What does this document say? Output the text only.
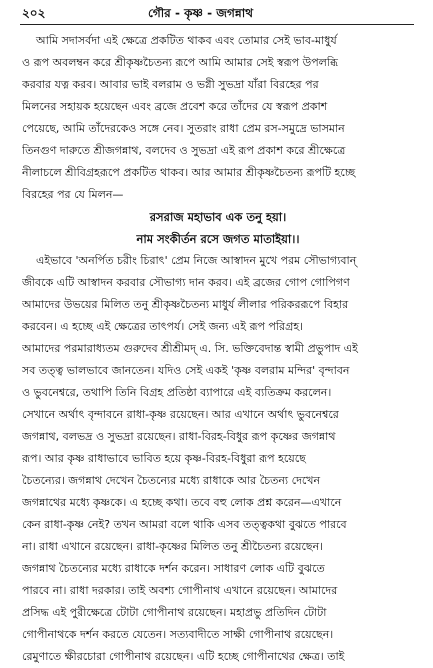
২০২	গৌর - কৃষ্ণ - জগন্নাথ
আমি সদাসর্বদা এই ক্ষেত্রে প্রকটিত থাকব এবং তোমার সেই ভাব-মাধুর্য
ও রূপ অবলম্বন করে শ্রীকৃষ্ণচৈতন্য রূপে আমি আমার সেই স্বরূপ উপলব্ধি
করবার যত্ন করব। আবার ভাই বলরাম ও ভগ্নী সুভদ্রা যাঁরা বিরহের পর
মিলনের সহায়ক হয়েছেন এবং ব্রজে প্রবেশ করে তাঁদের যে স্বরূপ প্রকাশ
পেয়েছে, আমি তাঁদেরকেও সঙ্গে নেব। সুতরাং রাধা প্রেম রস-সমুদ্রে ভাসমান
তিনগুণ দারুতে শ্রীজগন্নাথ, বলদেব ও সুভদ্রা এই রূপ প্রকাশ করে শ্রীক্ষেত্রে
নীলাচলে শ্রীবিগ্রহরূপে প্রকটিত থাকব। আর আমার শ্রীকৃষ্ণচৈতন্য রূপটি হচ্ছে
বিরহের পর যে মিলন—
রসরাজ মহাভাব এক তনু হয়া।
নাম সংকীর্তন রসে জগত মাতাইয়া।।
এইভাবে 'অনর্পিত চরীং চিরাৎ' প্রেম নিজে আস্বাদন মুখে পরম সৌভাগ্যবান্
জীবকে এটি আস্বাদন করবার সৌভাগ্য দান করব। এই ব্রজের গোপ গোপিগণ
আমাদের উভয়ের মিলিত তনু শ্রীকৃষ্ণচৈতন্য মাধুর্য লীলার পরিকররূপে বিহার
করবেন। এ হচ্ছে এই ক্ষেত্রের তাৎপর্য। সেই জন্য এই রূপ পরিগ্রহ।
আমাদের পরমারাধ্যতম গুরুদেব শ্রীশ্রীমদ্ এ. সি. ভক্তিবেদান্ত স্বামী প্রভুপাদ এই
সব তত্ত্ব ভালভাবে জানতেন। যদিও সেই একই 'কৃষ্ণ বলরাম মন্দির' বৃন্দাবন
ও ভুবনেশ্বরে, তথাপি তিনি বিগ্রহ প্রতিষ্ঠা ব্যাপারে এই ব্যতিক্রম করলেন।
সেখানে অর্থাৎ বৃন্দাবনে রাধা-কৃষ্ণ রয়েছেন। আর এখানে অর্থাৎ ভুবনেশ্বরে
জগন্নাথ, বলভদ্র ও সুভদ্রা রয়েছেন। রাধা-বিরহ-বিধুর রূপ কৃষ্ণের জগন্নাথ
রূপ। আর কৃষ্ণ রাধাভাবে ভাবিত হয়ে কৃষ্ণ-বিরহ-বিধুরা রূপ হয়েছে
চৈতন্যের। জগন্নাথ দেখেন চৈতন্যের মধ্যে রাধাকে আর চৈতন্য দেখেন
জগন্নাথের মধ্যে কৃষ্ণকে। এ হচ্ছে কথা। তবে বহু লোক প্রশ্ন করেন—এখানে
কেন রাধা-কৃষ্ণ নেই? তখন আমরা বলে থাকি এসব তত্ত্বকথা বুঝতে পারবে
না। রাধা এখানে রয়েছেন। রাধা-কৃষ্ণের মিলিত তনু শ্রীচৈতন্য রয়েছেন।
জগন্নাথ চৈতন্যের মধ্যে রাধাকে দর্শন করেন। সাধারণ লোক এটি বুঝতে
পারবে না। রাধা দরকার। তাই অবশ্য গোপীনাথ এখানে রয়েছেন। আমাদের
প্রসিদ্ধ এই পুরীক্ষেত্রে টোটা গোপীনাথ রয়েছেন। মহাপ্রভু প্রতিদিন টোটা
গোপীনাথকে দর্শন করতে যেতেন। সত্যবাদীতে সাক্ষী গোপীনাথ রয়েছেন।
রেমুণাতে ক্ষীরচোরা গোপীনাথ রয়েছেন। এটি হচ্ছে গোপীনাথের ক্ষেত্র। তাই
